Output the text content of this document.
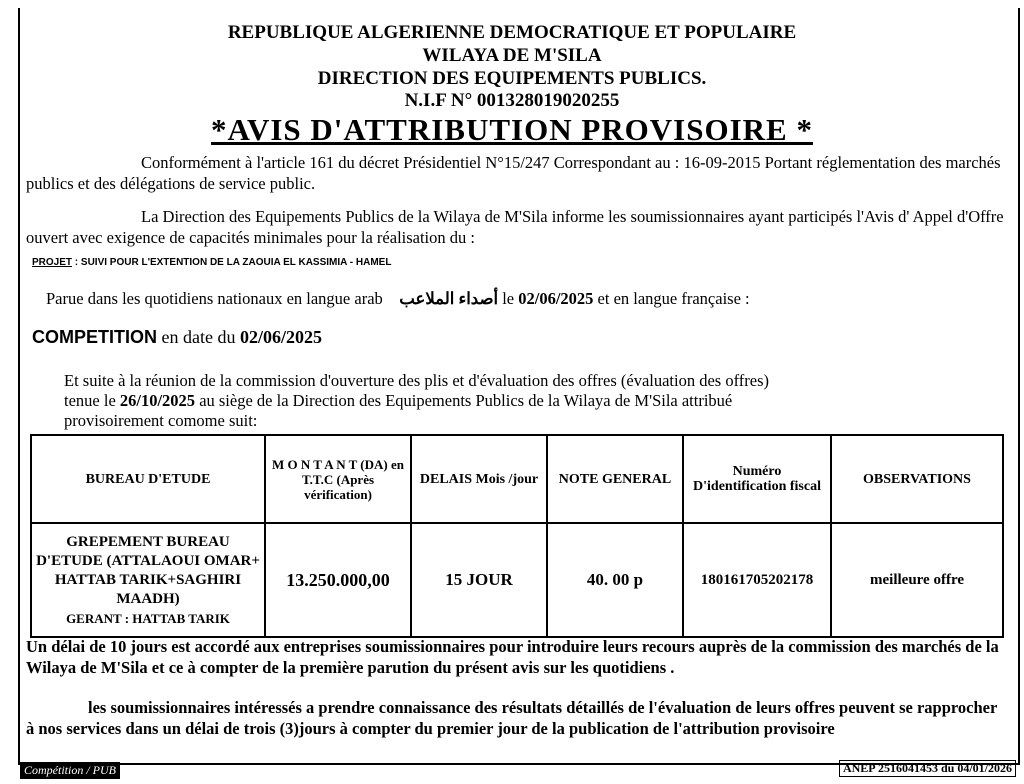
REPUBLIQUE ALGERIENNE DEMOCRATIQUE ET POPULAIRE
WILAYA DE M'SILA
DIRECTION DES EQUIPEMENTS PUBLICS.
N.I.F N° 001328019020255
*AVIS D'ATTRIBUTION PROVISOIRE *
Conformément à l'article 161 du décret Présidentiel N°15/247 Correspondant au : 16-09-2015 Portant réglementation des marchés publics et des délégations de service public.
La Direction des Equipements Publics de la Wilaya de M'Sila informe les soumissionnaires ayant participés l'Avis d' Appel d'Offre ouvert avec exigence de capacités minimales pour la réalisation du :
PROJET : SUIVI POUR L'EXTENTION DE LA ZAOUIA EL KASSIMIA - HAMEL
Parue dans les quotidiens nationaux en langue arab أصداء الملاعب le 02/06/2025 et en langue française :
COMPETITION en date du 02/06/2025
Et suite à la réunion de la commission d'ouverture des plis et d'évaluation des offres (évaluation des offres)
tenue le 26/10/2025 au siège de la Direction des Equipements Publics de la Wilaya de M'Sila attribué
provisoirement comome suit:
BUREAU D'ETUDE	M O N T A N T (DA) en T.T.C (Après vérification)	DELAIS Mois /jour	NOTE GENERAL	Numéro D'identification fiscal	OBSERVATIONS

GREPEMENT BUREAU D'ETUDE (ATTALAOUI OMAR+ HATTAB TARIK+SAGHIRI MAADH)
GERANT : HATTAB TARIK	13.250.000,00	15 JOUR	40. 00 p	180161705202178	meilleure offre
Un délai de 10 jours est accordé aux entreprises soumissionnaires pour introduire leurs recours auprès de la commission des marchés de la Wilaya de M'Sila et ce à compter de la première parution du présent avis sur les quotidiens .
les soumissionnaires intéressés a prendre connaissance des résultats détaillés de l'évaluation de leurs offres peuvent se rapprocher à nos services dans un délai de trois (3)jours à compter du premier jour de la publication de l'attribution provisoire
Compétition / PUB	ANEP 2516041453 du 04/01/2026
